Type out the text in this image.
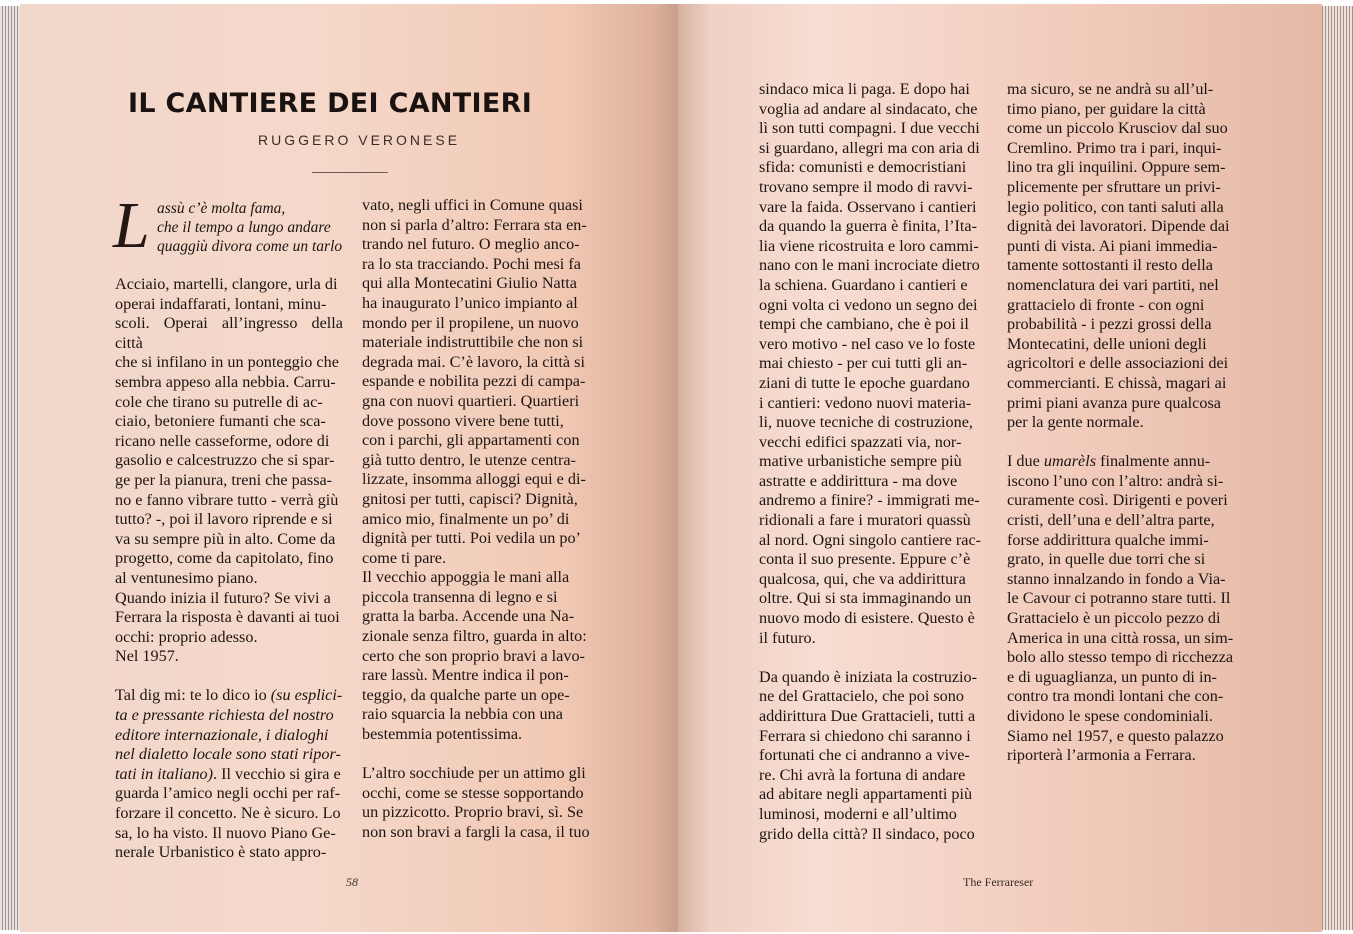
IL CANTIERE DEI CANTIERI
RUGGERO VERONESE
L assù c’è molta fama,
che il tempo a lungo andare
quaggiù divora come un tarlo

Acciaio, martelli, clangore, urla di

operai indaffarati, lontani, minu-

scoli. Operai all’ingresso della città

che si infilano in un ponteggio che

sembra appeso alla nebbia. Carru-

cole che tirano su putrelle di ac-

ciaio, betoniere fumanti che sca-

ricano nelle casseforme, odore di

gasolio e calcestruzzo che si spar-

ge per la pianura, treni che passa-

no e fanno vibrare tutto - verrà giù

tutto? -, poi il lavoro riprende e si

va su sempre più in alto. Come da

progetto, come da capitolato, fino

al ventunesimo piano.

Quando inizia il futuro? Se vivi a

Ferrara la risposta è davanti ai tuoi

occhi: proprio adesso.

Nel 1957.

Tal dig mi: te lo dico io (su esplici-

ta e pressante richiesta del nostro

editore internazionale, i dialoghi

nel dialetto locale sono stati ripor-

tati in italiano). Il vecchio si gira e

guarda l’amico negli occhi per raf-

forzare il concetto. Ne è sicuro. Lo

sa, lo ha visto. Il nuovo Piano Ge-

nerale Urbanistico è stato appro-

vato, negli uffici in Comune quasi

non si parla d’altro: Ferrara sta en-

trando nel futuro. O meglio anco-

ra lo sta tracciando. Pochi mesi fa

qui alla Montecatini Giulio Natta

ha inaugurato l’unico impianto al

mondo per il propilene, un nuovo

materiale indistruttibile che non si

degrada mai. C’è lavoro, la città si

espande e nobilita pezzi di campa-

gna con nuovi quartieri. Quartieri

dove possono vivere bene tutti,

con i parchi, gli appartamenti con

già tutto dentro, le utenze centra-

lizzate, insomma alloggi equi e di-

gnitosi per tutti, capisci? Dignità,

amico mio, finalmente un po’ di

dignità per tutti. Poi vedila un po’

come ti pare.

Il vecchio appoggia le mani alla

piccola transenna di legno e si

gratta la barba. Accende una Na-

zionale senza filtro, guarda in alto:

certo che son proprio bravi a lavo-

rare lassù. Mentre indica il pon-

teggio, da qualche parte un ope-

raio squarcia la nebbia con una

bestemmia potentissima.

L’altro socchiude per un attimo gli

occhi, come se stesse sopportando

un pizzicotto. Proprio bravi, sì. Se

non son bravi a fargli la casa, il tuo

58

sindaco mica li paga. E dopo hai

voglia ad andare al sindacato, che

lì son tutti compagni. I due vecchi

si guardano, allegri ma con aria di

sfida: comunisti e democristiani

trovano sempre il modo di ravvi-

vare la faida. Osservano i cantieri

da quando la guerra è finita, l’Ita-

lia viene ricostruita e loro cammi-

nano con le mani incrociate dietro

la schiena. Guardano i cantieri e

ogni volta ci vedono un segno dei

tempi che cambiano, che è poi il

vero motivo - nel caso ve lo foste

mai chiesto - per cui tutti gli an-

ziani di tutte le epoche guardano

i cantieri: vedono nuovi materia-

li, nuove tecniche di costruzione,

vecchi edifici spazzati via, nor-

mative urbanistiche sempre più

astratte e addirittura - ma dove

andremo a finire? - immigrati me-

ridionali a fare i muratori quassù

al nord. Ogni singolo cantiere rac-

conta il suo presente. Eppure c’è

qualcosa, qui, che va addirittura

oltre. Qui si sta immaginando un

nuovo modo di esistere. Questo è

il futuro.

Da quando è iniziata la costruzio-

ne del Grattacielo, che poi sono

addirittura Due Grattacieli, tutti a

Ferrara si chiedono chi saranno i

fortunati che ci andranno a vive-

re. Chi avrà la fortuna di andare

ad abitare negli appartamenti più

luminosi, moderni e all’ultimo

grido della città? Il sindaco, poco

ma sicuro, se ne andrà su all’ul-

timo piano, per guidare la città

come un piccolo Krusciov dal suo

Cremlino. Primo tra i pari, inqui-

lino tra gli inquilini. Oppure sem-

plicemente per sfruttare un privi-

legio politico, con tanti saluti alla

dignità dei lavoratori. Dipende dai

punti di vista. Ai piani immedia-

tamente sottostanti il resto della

nomenclatura dei vari partiti, nel

grattacielo di fronte - con ogni

probabilità - i pezzi grossi della

Montecatini, delle unioni degli

agricoltori e delle associazioni dei

commercianti. E chissà, magari ai

primi piani avanza pure qualcosa

per la gente normale.

I due umarèls finalmente annu-

iscono l’uno con l’altro: andrà si-

curamente così. Dirigenti e poveri

cristi, dell’una e dell’altra parte,

forse addirittura qualche immi-

grato, in quelle due torri che si

stanno innalzando in fondo a Via-

le Cavour ci potranno stare tutti. Il

Grattacielo è un piccolo pezzo di

America in una città rossa, un sim-

bolo allo stesso tempo di ricchezza

e di uguaglianza, un punto di in-

contro tra mondi lontani che con-

dividono le spese condominiali.

Siamo nel 1957, e questo palazzo

riporterà l’armonia a Ferrara.

The Ferrareser
